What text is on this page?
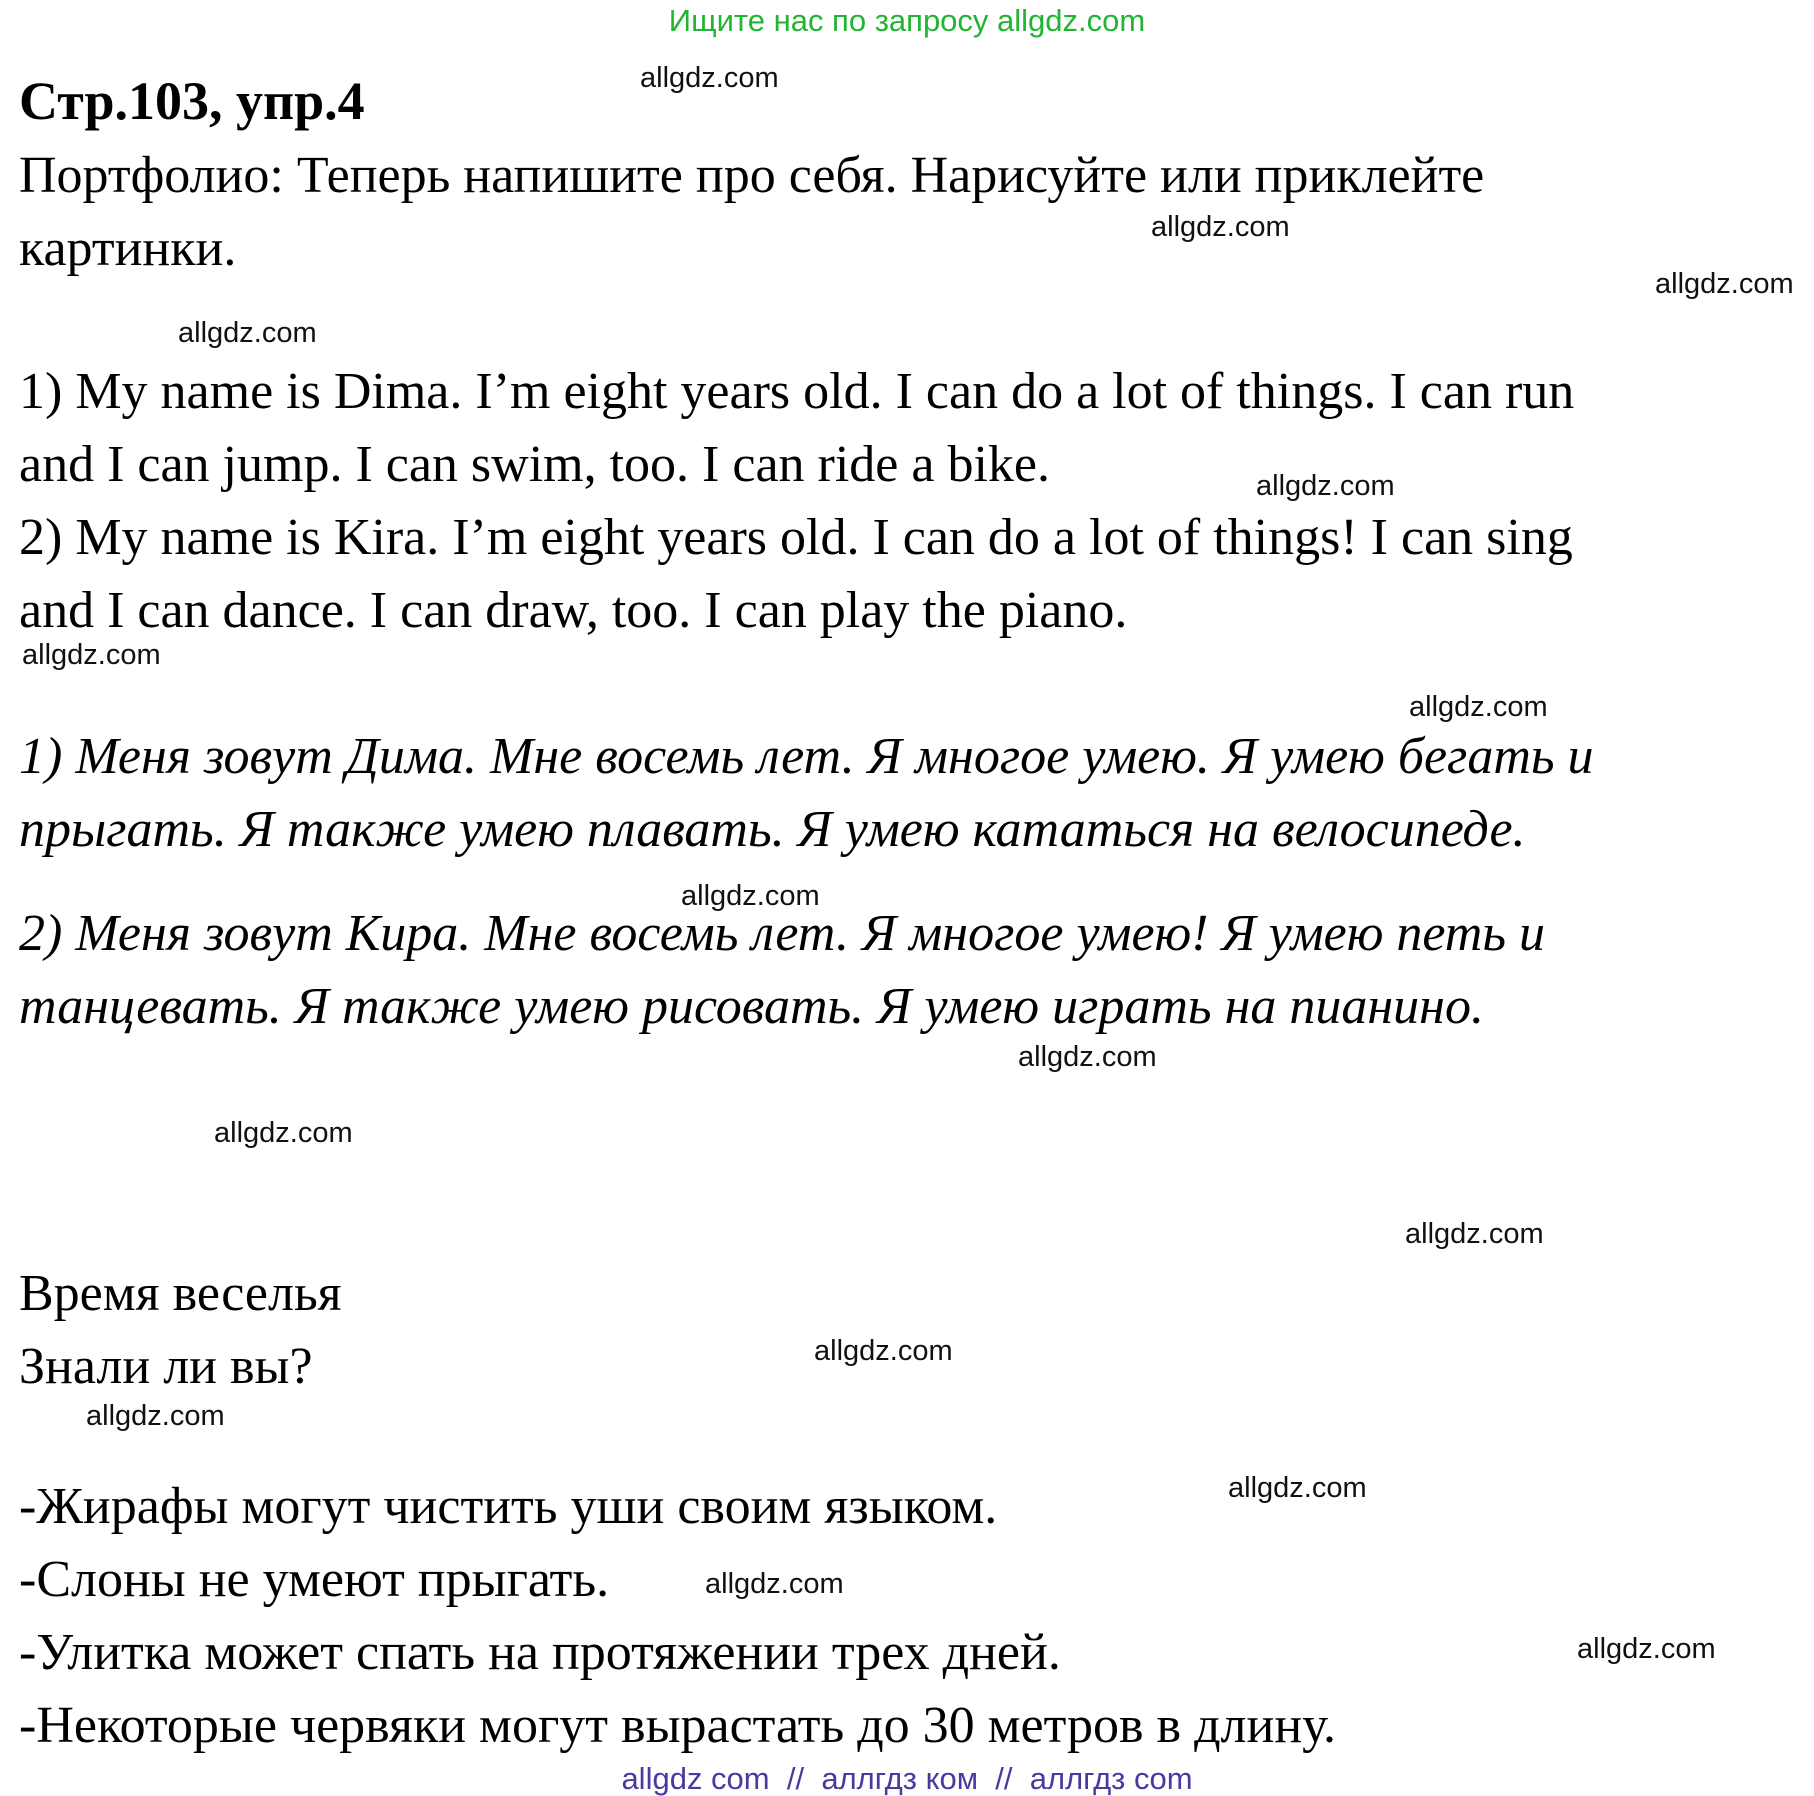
Ищите нас по запросу allgdz.com
Стр.103, упр.4
Портфолио: Теперь напишите про себя. Нарисуйте или приклейте
картинки.
1) My name is Dima. I’m eight years old. I can do a lot of things. I can run
and I can jump. I can swim, too. I can ride a bike.
2) My name is Kira. I’m eight years old. I can do a lot of things! I can sing
and I can dance. I can draw, too. I can play the piano.
1) Меня зовут Дима. Мне восемь лет. Я многое умею. Я умею бегать и
прыгать. Я также умею плавать. Я умею кататься на велосипеде.
2) Меня зовут Кира. Мне восемь лет. Я многое умею! Я умею петь и
танцевать. Я также умею рисовать. Я умею играть на пианино.
Время веселья
Знали ли вы?
-Жирафы могут чистить уши своим языком.
-Слоны не умеют прыгать.
-Улитка может спать на протяжении трех дней.
-Некоторые червяки могут вырастать до 30 метров в длину.
allgdz.com
allgdz.com
allgdz.com
allgdz.com
allgdz.com
allgdz.com
allgdz.com
allgdz.com
allgdz.com
allgdz.com
allgdz.com
allgdz.com
allgdz.com
allgdz.com
allgdz.com
allgdz.com
allgdz com // аллгдз ком // аллгдз com
